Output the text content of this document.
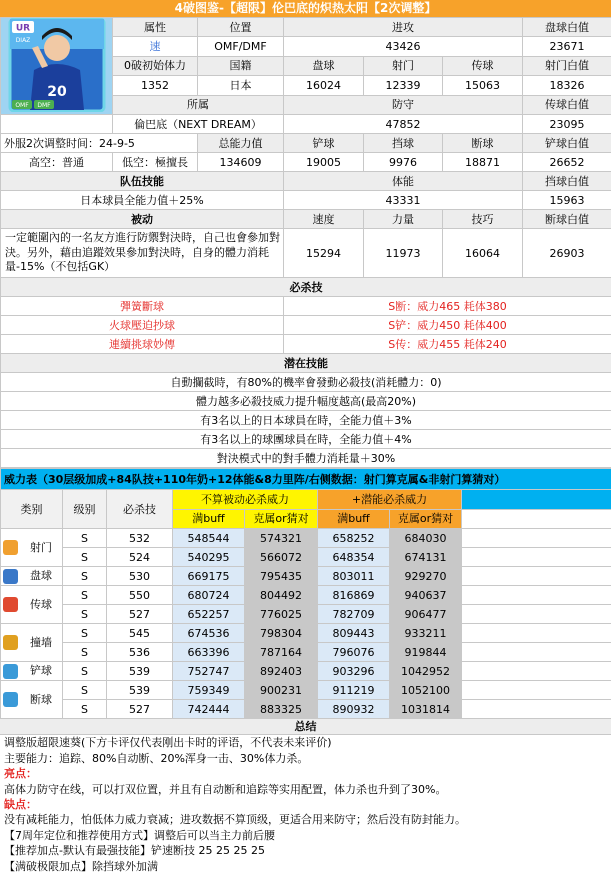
4破图鉴-【超限】伦巴底的炽热太阳【2次调整】
20
UR
DIAZ
OMF DMF	属性	位置	进攻			盘球白值
	速	OMF/DMF	43426			23671
	0破初始体力	国籍	盘球	射门	传球	射门白值
	1352	日本	16024	12339	15063	18326
	所属		防守			传球白值
	倫巴底（NEXT DREAM）		47852			23095
外服2次调整时间：24-9-5		总能力值	铲球	挡球	断球	铲球白值
高空：普通	低空：極擅長	134609	19005	9976	18871	26652
队伍技能			体能			挡球白值
日本球員全能力值＋25%			43331			15963
被动			速度	力量	技巧	断球白值
一定範圍內的一名友方進行防禦對決時，自己也會參加對決。另外，藉由追蹤效果參加對決時，自身的體力消耗量-15%（不包括GK）			15294	11973	16064	26903
必杀技						
彈簧斷球			S断：威力465 耗体380			
火球壓迫抄球			S铲：威力450 耗体400			
連續挑球妙傳			S传：威力455 耗体240			
潜在技能						
自動攔截時，有80%的機率會發動必殺技(消耗體力：0)						
體力越多必殺技威力提升幅度越高(最高20%)						
有3名以上的日本球員在時，全能力值＋3%						
有3名以上的球團球員在時，全能力值＋4%						
對決模式中的對手體力消耗量＋30%						
威力表（30层级加成+84队技+110年奶+12体能&8力里阵/右侧数据：射门算克属&非射门算猜对）							
类别	级别	必杀技	不算被动必杀威力		+潜能必杀威力		
			满buff	克属or猜对	满buff	克属or猜对	
射门	S	532	548544	574321	658252	684030	
	S	524	540295	566072	648354	674131	
盘球	S	530	669175	795435	803011	929270	
传球	S	550	680724	804492	816869	940637	
	S	527	652257	776025	782709	906477	
撞墙	S	545	674536	798304	809443	933211	
	S	536	663396	787164	796076	919844	
铲球	S	539	752747	892403	903296	1042952	
断球	S	539	759349	900231	911219	1052100	
	S	527	742444	883325	890932	1031814	
总结
调整版超限速葵(下方卡评仅代表刚出卡时的评语，不代表未来评价)
主要能力：追踪、80%自动断、20%浑身一击、30%体力杀。
亮点：
高体力防守在线，可以打双位置，并且有自动断和追踪等实用配置，体力杀也升到了30%。
缺点：
没有减耗能力，怕低体力威力衰减；进攻数据不算顶级，更适合用来防守；然后没有防封能力。
【7周年定位和推荐使用方式】调整后可以当主力前后腰
【推荐加点-默认有最强技能】铲速断技 25 25 25 25
【满破极限加点】除挡球外加满
